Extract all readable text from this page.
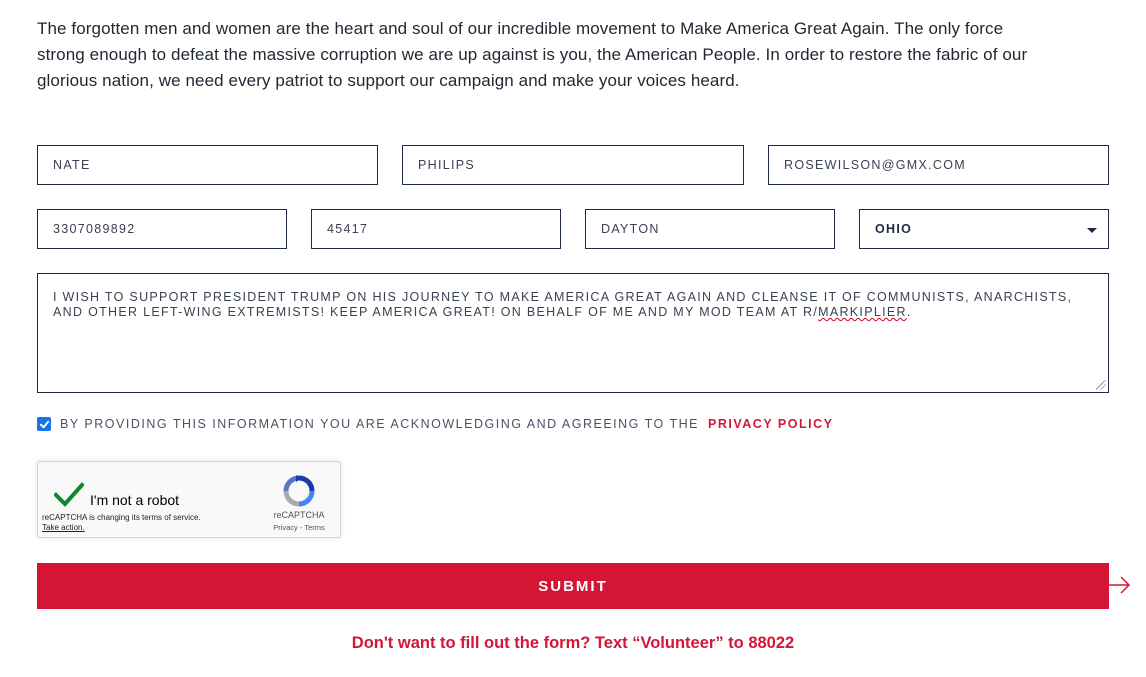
The forgotten men and women are the heart and soul of our incredible movement to Make America Great Again. The only force
strong enough to defeat the massive corruption we are up against is you, the American People. In order to restore the fabric of our
glorious nation, we need every patriot to support our campaign and make your voices heard.
NATE	PHILIPS	ROSEWILSON@GMX.COM
3307089892	45417	DAYTON	OHIO
I WISH TO SUPPORT PRESIDENT TRUMP ON HIS JOURNEY TO MAKE AMERICA GREAT AGAIN AND CLEANSE IT OF COMMUNISTS, ANARCHISTS, AND OTHER LEFT-WING EXTREMISTS! KEEP AMERICA GREAT! ON BEHALF OF ME AND MY MOD TEAM AT R/MARKIPLIER.
BY PROVIDING THIS INFORMATION YOU ARE ACKNOWLEDGING AND AGREEING TO THE PRIVACY POLICY
I'm not a robot
reCAPTCHA is changing its terms of service.
Take action.
reCAPTCHA
Privacy - Terms
SUBMIT
Don't want to fill out the form? Text “Volunteer” to 88022
